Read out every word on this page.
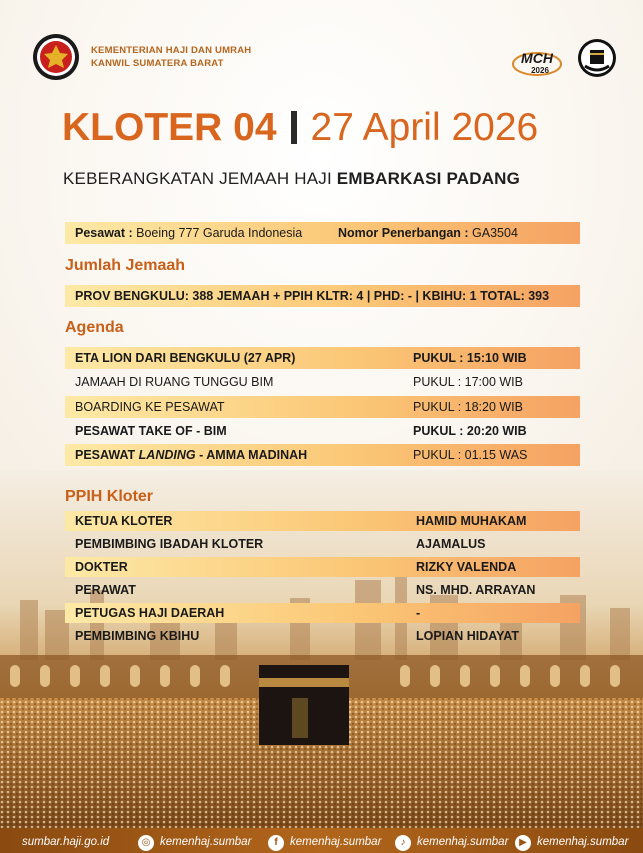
KEMENTERIAN HAJI DAN UMRAH
KANWIL SUMATERA BARAT	MCH
2026
KLOTER 04 27 April 2026
KEBERANGKATAN JEMAAH HAJI EMBARKASI PADANG
Pesawat : Boeing 777 Garuda Indonesia	Nomor Penerbangan : GA3504
Jumlah Jemaah
PROV BENGKULU: 388 JEMAAH + PPIH KLTR: 4 | PHD: - | KBIHU: 1 TOTAL: 393
Agenda
ETA LION DARI BENGKULU (27 APR)	PUKUL : 15:10 WIB
JAMAAH DI RUANG TUNGGU BIM	PUKUL : 17:00 WIB
BOARDING KE PESAWAT	PUKUL : 18:20 WIB
PESAWAT TAKE OF - BIM	PUKUL : 20:20 WIB
PESAWAT LANDING - AMMA MADINAH	PUKUL : 01.15 WAS
PPIH Kloter
KETUA KLOTER	HAMID MUHAKAM
PEMBIMBING IBADAH KLOTER	AJAMALUS
DOKTER	RIZKY VALENDA
PERAWAT	NS. MHD. ARRAYAN
PETUGAS HAJI DAERAH	-
PEMBIMBING KBIHU	LOPIAN HIDAYAT
sumbar.haji.go.id	◎ kemenhaj.sumbar	f	kemenhaj.sumbar	♪	kemenhaj.sumbar	▶ kemenhaj.sumbar
